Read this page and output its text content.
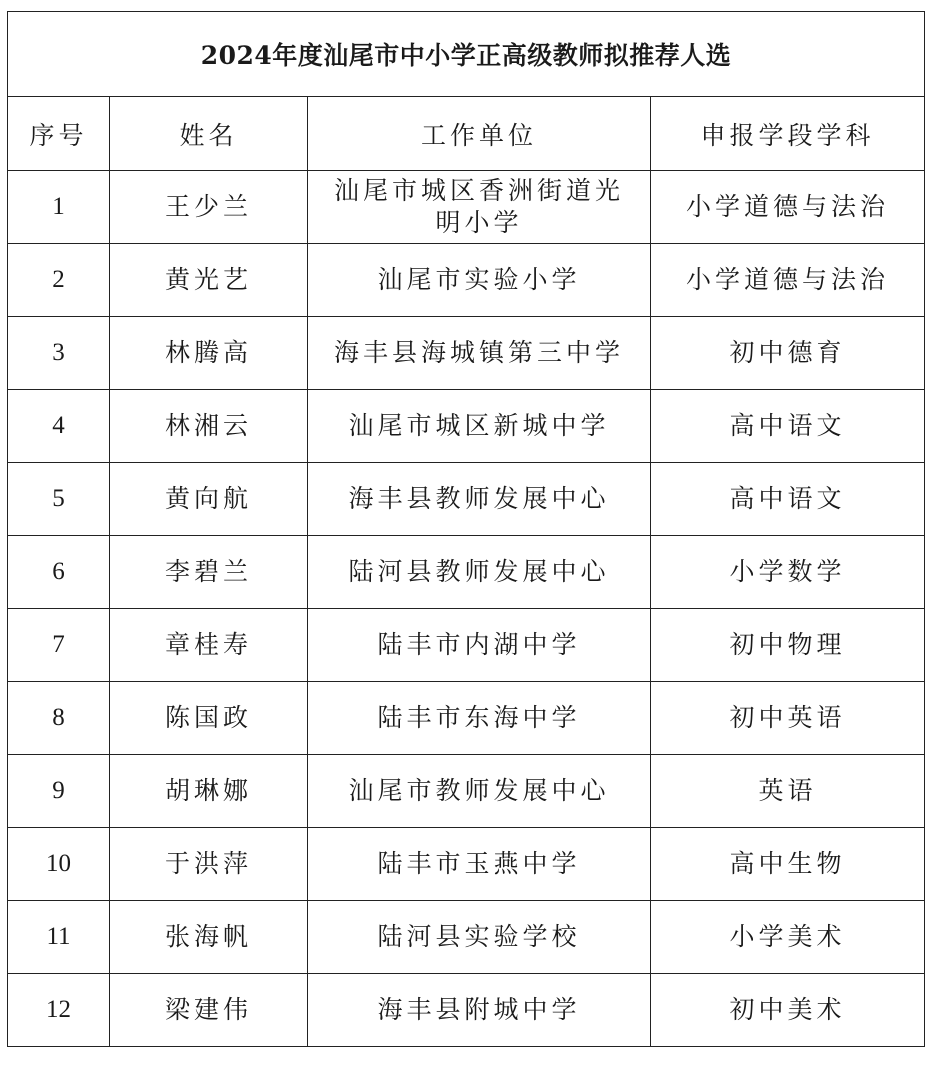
2024年度汕尾市中小学正高级教师拟推荐人选			
序号	姓名	工作单位	申报学段学科
1	王少兰	汕尾市城区香洲街道光明小学	小学道德与法治
2	黄光艺	汕尾市实验小学	小学道德与法治
3	林腾高	海丰县海城镇第三中学	初中德育
4	林湘云	汕尾市城区新城中学	高中语文
5	黄向航	海丰县教师发展中心	高中语文
6	李碧兰	陆河县教师发展中心	小学数学
7	章桂寿	陆丰市内湖中学	初中物理
8	陈国政	陆丰市东海中学	初中英语
9	胡琳娜	汕尾市教师发展中心	英语
10	于洪萍	陆丰市玉燕中学	高中生物
11	张海帆	陆河县实验学校	小学美术
12	梁建伟	海丰县附城中学	初中美术
